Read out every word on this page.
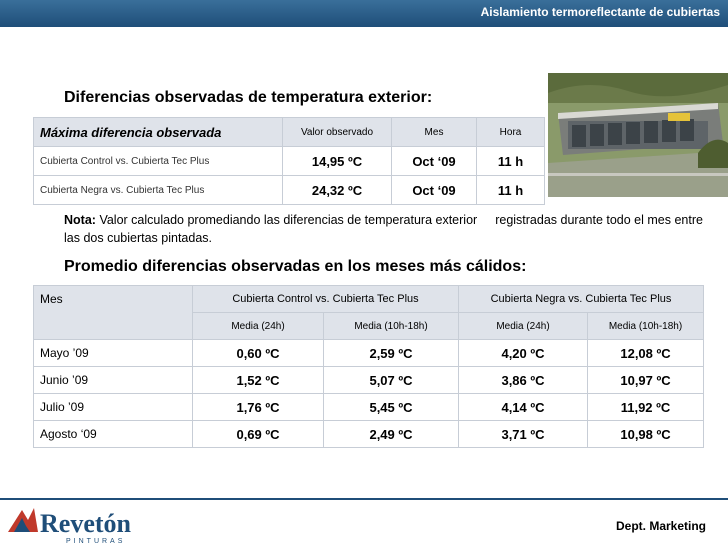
Aislamiento termoreflectante de cubiertas
Diferencias observadas de temperatura exterior:
Máxima diferencia observada	Valor observado	Mes	Hora
Cubierta Control vs. Cubierta Tec Plus	14,95 ºC	Oct ‘09	11 h
Cubierta Negra vs. Cubierta Tec Plus	24,32 ºC	Oct ‘09	11 h
Nota: Valor calculado promediando las diferencias de temperatura exterior registradas durante todo el mes entre las dos cubiertas pintadas.
Promedio diferencias observadas en los meses más cálidos:
Mes	Cubierta Control vs. Cubierta Tec Plus		Cubierta Negra vs. Cubierta Tec Plus	
	Media (24h)	Media (10h-18h)	Media (24h)	Media (10h-18h)
Mayo ’09	0,60 ºC	2,59 ºC	4,20 ºC	12,08 ºC
Junio ’09	1,52 ºC	5,07 ºC	3,86 ºC	10,97 ºC
Julio ’09	1,76 ºC	5,45 ºC	4,14 ºC	11,92 ºC
Agosto ‘09	0,69 ºC	2,49 ºC	3,71 ºC	10,98 ºC
Revetón
PINTURAS
Dept. Marketing
